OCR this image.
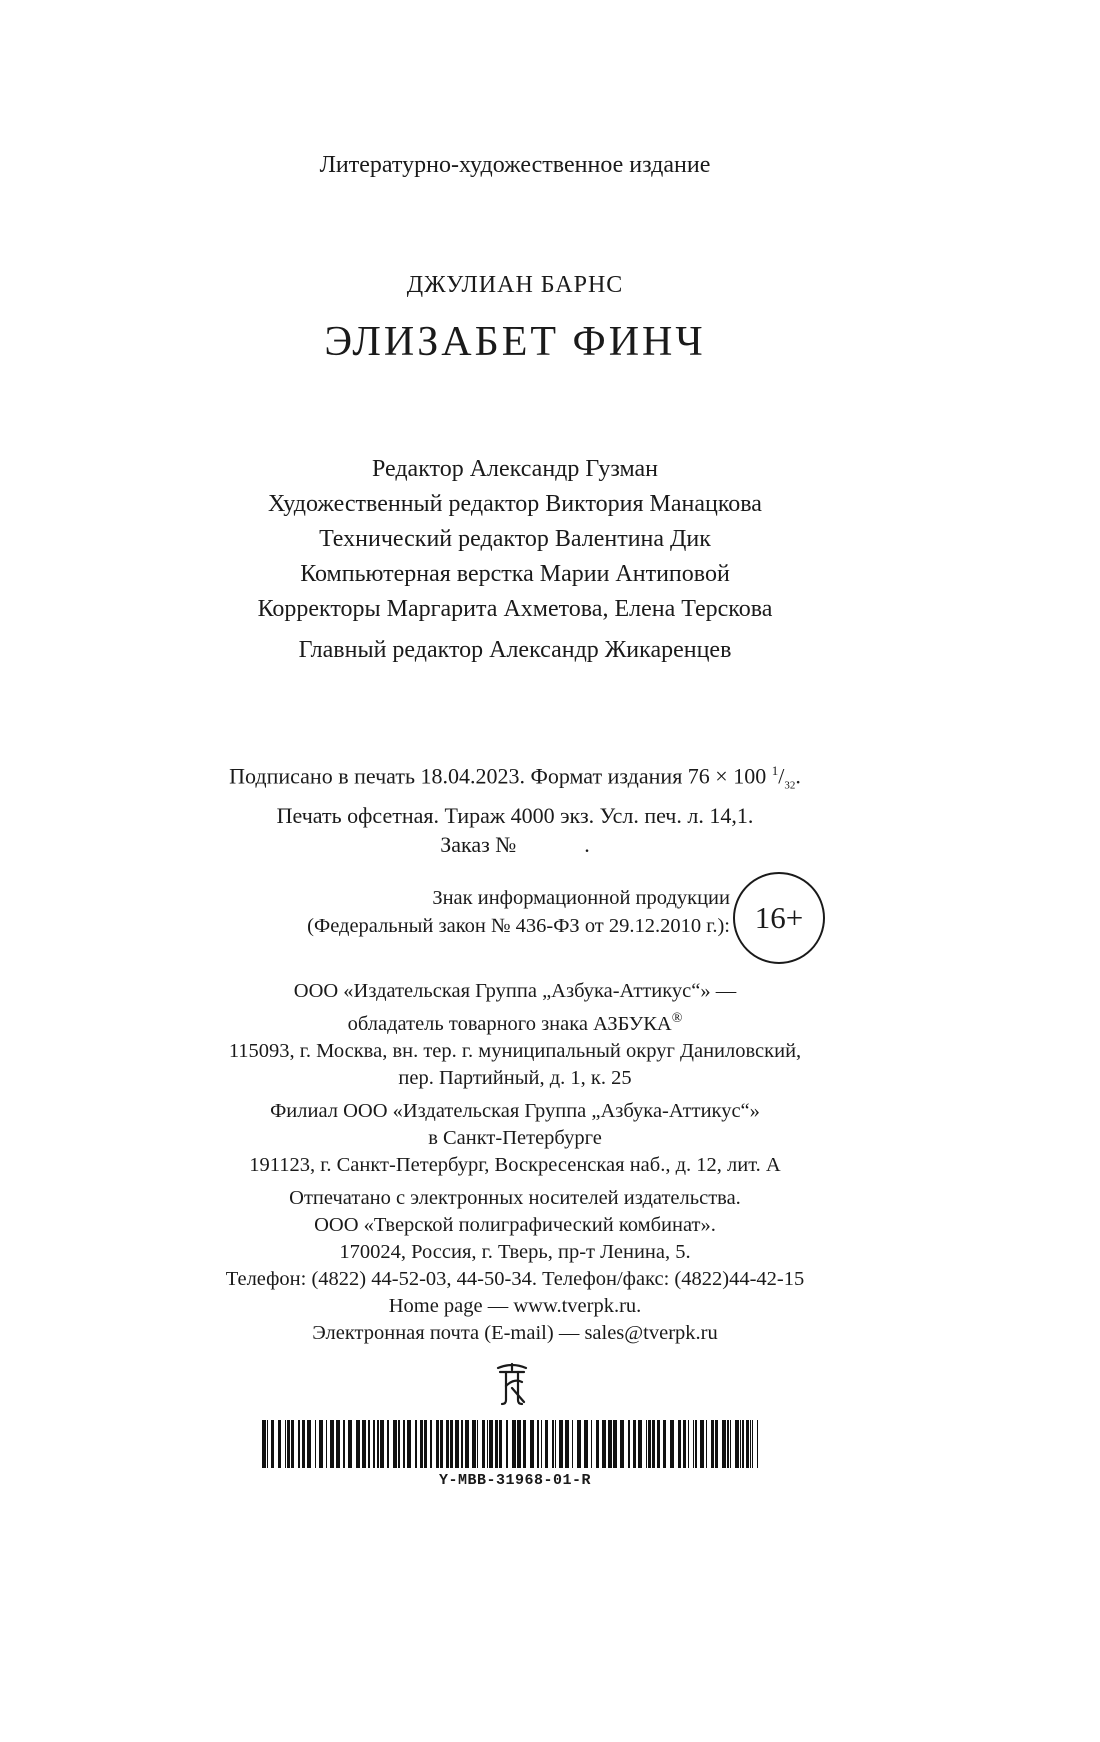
Литературно-художественное издание
ДЖУЛИАН БАРНС
ЭЛИЗАБЕТ ФИНЧ
Редактор Александр Гузман
Художественный редактор Виктория Манацкова
Технический редактор Валентина Дик
Компьютерная верстка Марии Антиповой
Корректоры Маргарита Ахметова, Елена Терскова
Главный редактор Александр Жикаренцев
Подписано в печать 18.04.2023. Формат издания 76 × 100 $^1/_{32}$.
Печать офсетная. Тираж 4000 экз. Усл. печ. л. 14,1.
Заказ №	.
Знак информационной продукции
(Федеральный закон № 436-ФЗ от 29.12.2010 г.): 16+
ООО «Издательская Группа „Азбука-Аттикус“» —
обладатель товарного знака АЗБУКА®
115093, г. Москва, вн. тер. г. муниципальный округ Даниловский,
пер. Партийный, д. 1, к. 25
Филиал ООО «Издательская Группа „Азбука-Аттикус“»
в Санкт-Петербурге
191123, г. Санкт-Петербург, Воскресенская наб., д. 12, лит. А
Отпечатано с электронных носителей издательства.
ООО «Тверской полиграфический комбинат».
170024, Россия, г. Тверь, пр-т Ленина, 5.
Телефон: (4822) 44-52-03, 44-50-34. Телефон/факс: (4822)44-42-15
Home page — www.tverpk.ru.
Электронная почта (E-mail) — sales@tverpk.ru
Y-MBB-31968-01-R
